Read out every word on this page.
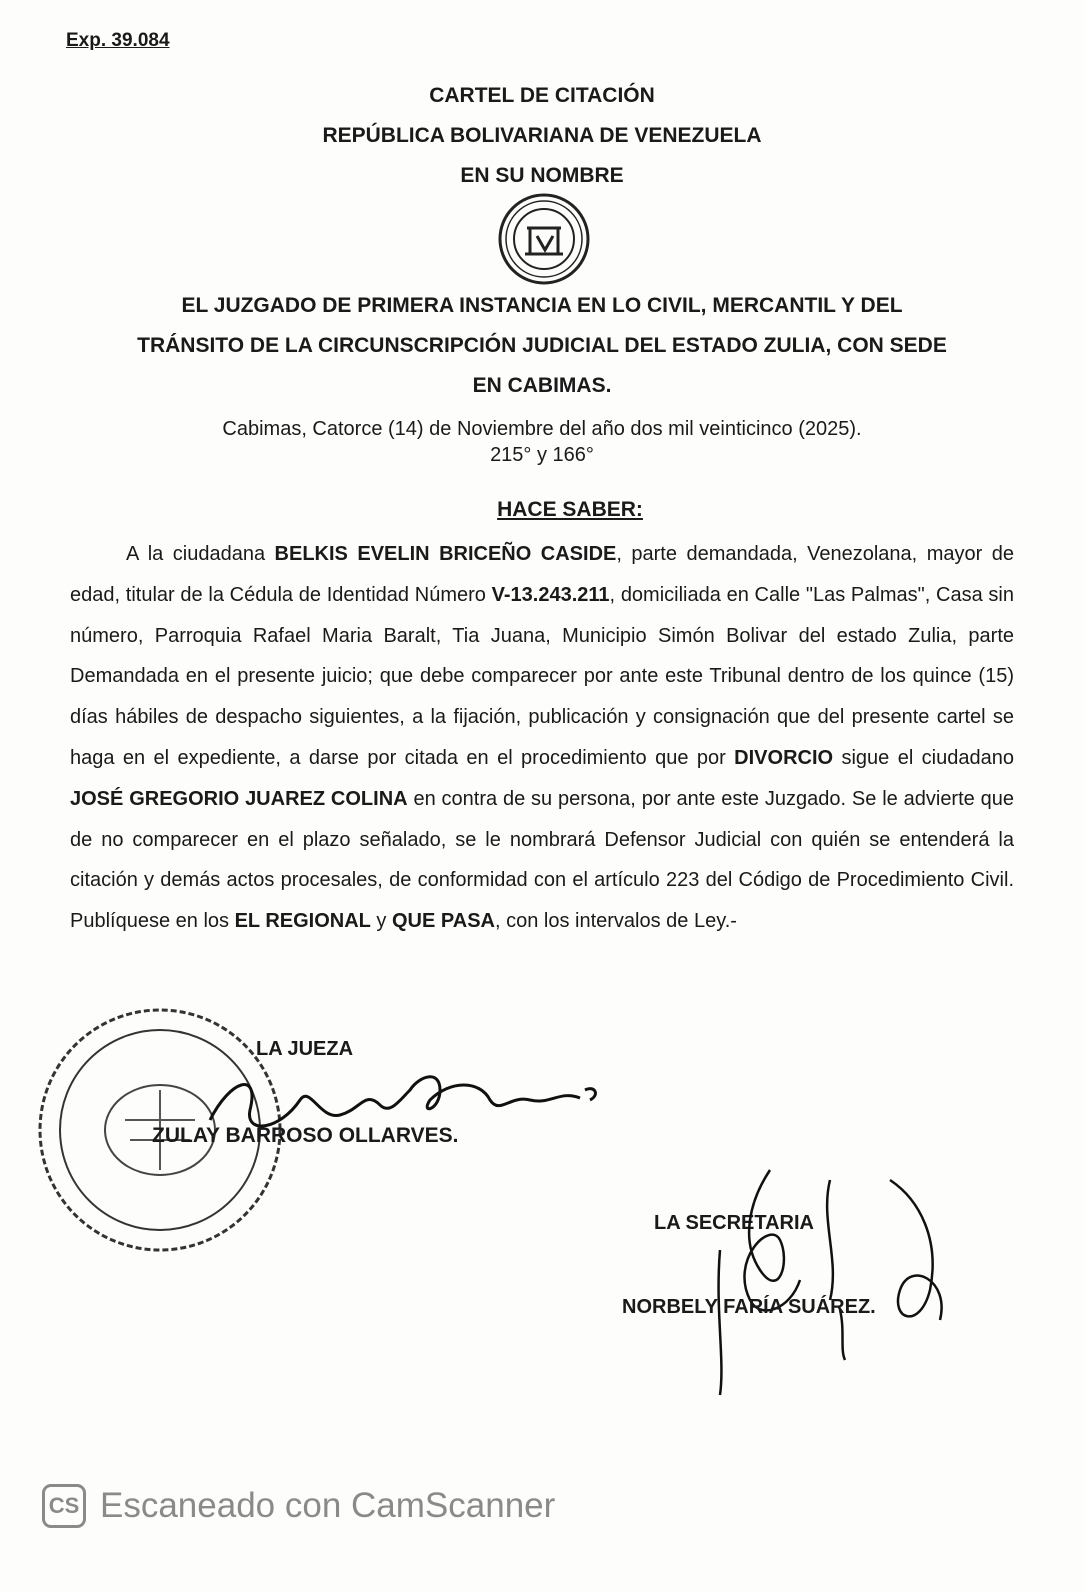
Exp. 39.084
CARTEL DE CITACIÓN
REPÚBLICA BOLIVARIANA DE VENEZUELA
EN SU NOMBRE
EL JUZGADO DE PRIMERA INSTANCIA EN LO CIVIL, MERCANTIL Y DEL
TRÁNSITO DE LA CIRCUNSCRIPCIÓN JUDICIAL DEL ESTADO ZULIA, CON SEDE
EN CABIMAS.
Cabimas, Catorce (14) de Noviembre del año dos mil veinticinco (2025).
215° y 166°
HACE SABER:
A la ciudadana BELKIS EVELIN BRICEÑO CASIDE, parte demandada, Venezolana, mayor de edad, titular de la Cédula de Identidad Número V-13.243.211, domiciliada en Calle "Las Palmas", Casa sin número, Parroquia Rafael Maria Baralt, Tia Juana, Municipio Simón Bolivar del estado Zulia, parte Demandada en el presente juicio; que debe comparecer por ante este Tribunal dentro de los quince (15) días hábiles de despacho siguientes, a la fijación, publicación y consignación que del presente cartel se haga en el expediente, a darse por citada en el procedimiento que por DIVORCIO sigue el ciudadano JOSÉ GREGORIO JUAREZ COLINA en contra de su persona, por ante este Juzgado. Se le advierte que de no comparecer en el plazo señalado, se le nombrará Defensor Judicial con quién se entenderá la citación y demás actos procesales, de conformidad con el artículo 223 del Código de Procedimiento Civil. Publíquese en los EL REGIONAL y QUE PASA, con los intervalos de Ley.-
LA JUEZA
ZULAY BARROSO OLLARVES.
LA SECRETARIA
NORBELY FARÍA SUÁREZ.
CS Escaneado con CamScanner
